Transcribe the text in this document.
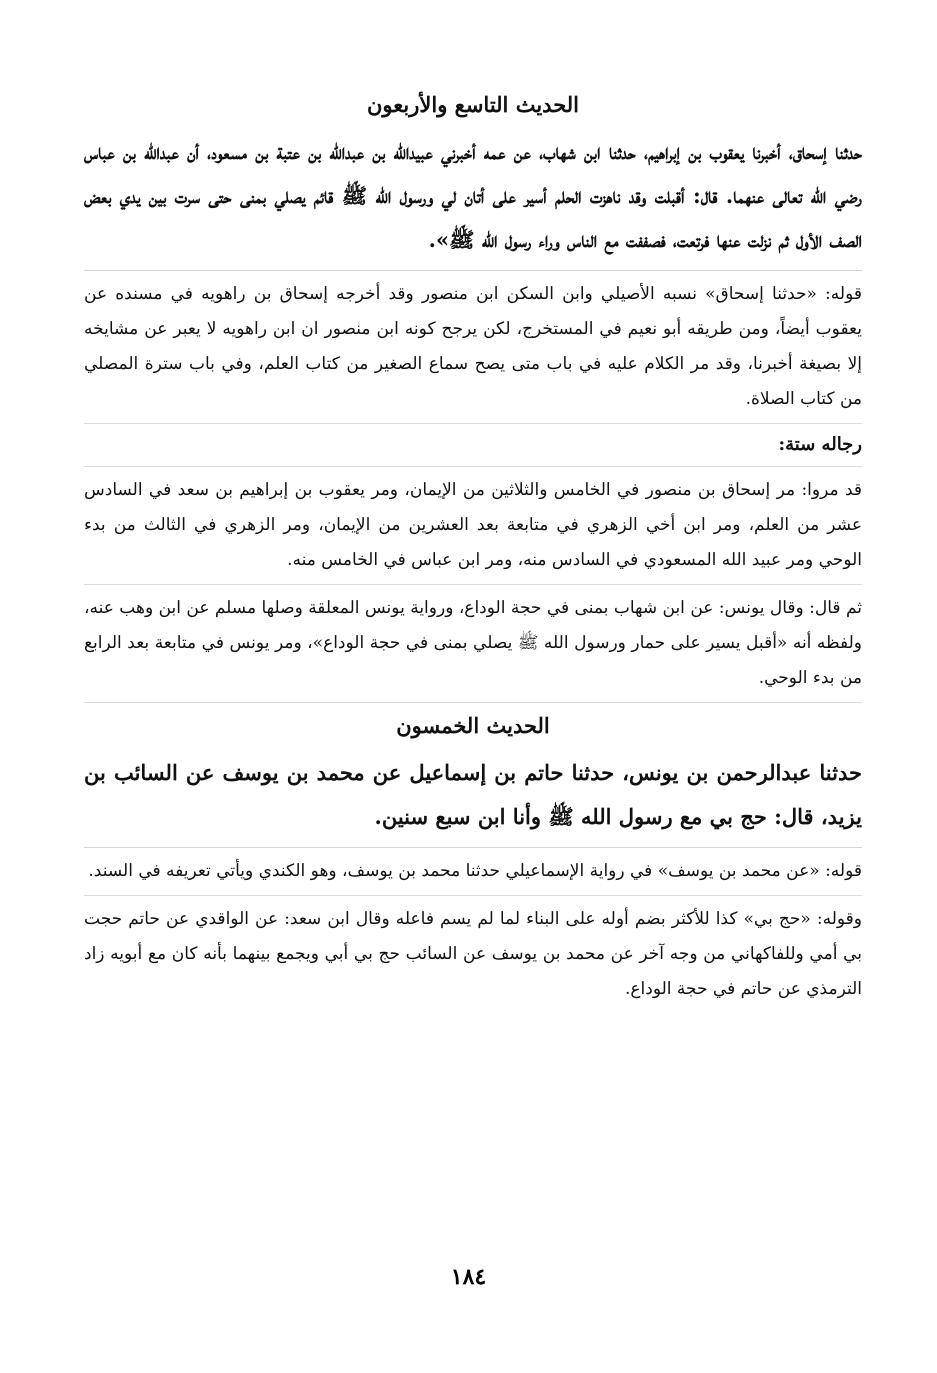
الحديث التاسع والأربعون

حدثنا إسحاق، أخبرنا يعقوب بن إبراهيم، حدثنا ابن شهاب، عن عمه أخبرني عبيدالله بن عبدالله بن عتبة بن مسعود، أن عبدالله بن عباس رضي الله تعالى عنهما. قال: أقبلت وقد ناهزت الحلم أسير على أتان لي ورسول الله ﷺ قائم يصلي بمنى حتى سرت بين يدي بعض الصف الأول ثم نزلت عنها فرتعت، فصففت مع الناس وراء رسول الله ﷺ».

قوله: «حدثنا إسحاق» نسبه الأصيلي وابن السكن ابن منصور وقد أخرجه إسحاق بن راهويه في مسنده عن يعقوب أيضاً، ومن طريقه أبو نعيم في المستخرج، لكن يرجح كونه ابن منصور ان ابن راهويه لا يعبر عن مشايخه إلا بصيغة أخبرنا، وقد مر الكلام عليه في باب متى يصح سماع الصغير من كتاب العلم، وفي باب سترة المصلي من كتاب الصلاة.

رجاله ستة:

قد مروا: مر إسحاق بن منصور في الخامس والثلاثين من الإيمان، ومر يعقوب بن إبراهيم بن سعد في السادس عشر من العلم، ومر ابن أخي الزهري في متابعة بعد العشرين من الإيمان، ومر الزهري في الثالث من بدء الوحي ومر عبيد الله المسعودي في السادس منه، ومر ابن عباس في الخامس منه.

ثم قال: وقال يونس: عن ابن شهاب بمنى في حجة الوداع، ورواية يونس المعلقة وصلها مسلم عن ابن وهب عنه، ولفظه أنه «أقبل يسير على حمار ورسول الله ﷺ يصلي بمنى في حجة الوداع»، ومر يونس في متابعة بعد الرابع من بدء الوحي.

الحديث الخمسون

حدثنا عبدالرحمن بن يونس، حدثنا حاتم بن إسماعيل عن محمد بن يوسف عن السائب بن يزيد، قال: حج بي مع رسول الله ﷺ وأنا ابن سبع سنين.

قوله: «عن محمد بن يوسف» في رواية الإسماعيلي حدثنا محمد بن يوسف، وهو الكندي ويأتي تعريفه في السند.

وقوله: «حج بي» كذا للأكثر بضم أوله على البناء لما لم يسم فاعله وقال ابن سعد: عن الواقدي عن حاتم حجت بي أمي وللفاكهاني من وجه آخر عن محمد بن يوسف عن السائب حج بي أبي ويجمع بينهما بأنه كان مع أبويه زاد الترمذي عن حاتم في حجة الوداع.

١٨٤
